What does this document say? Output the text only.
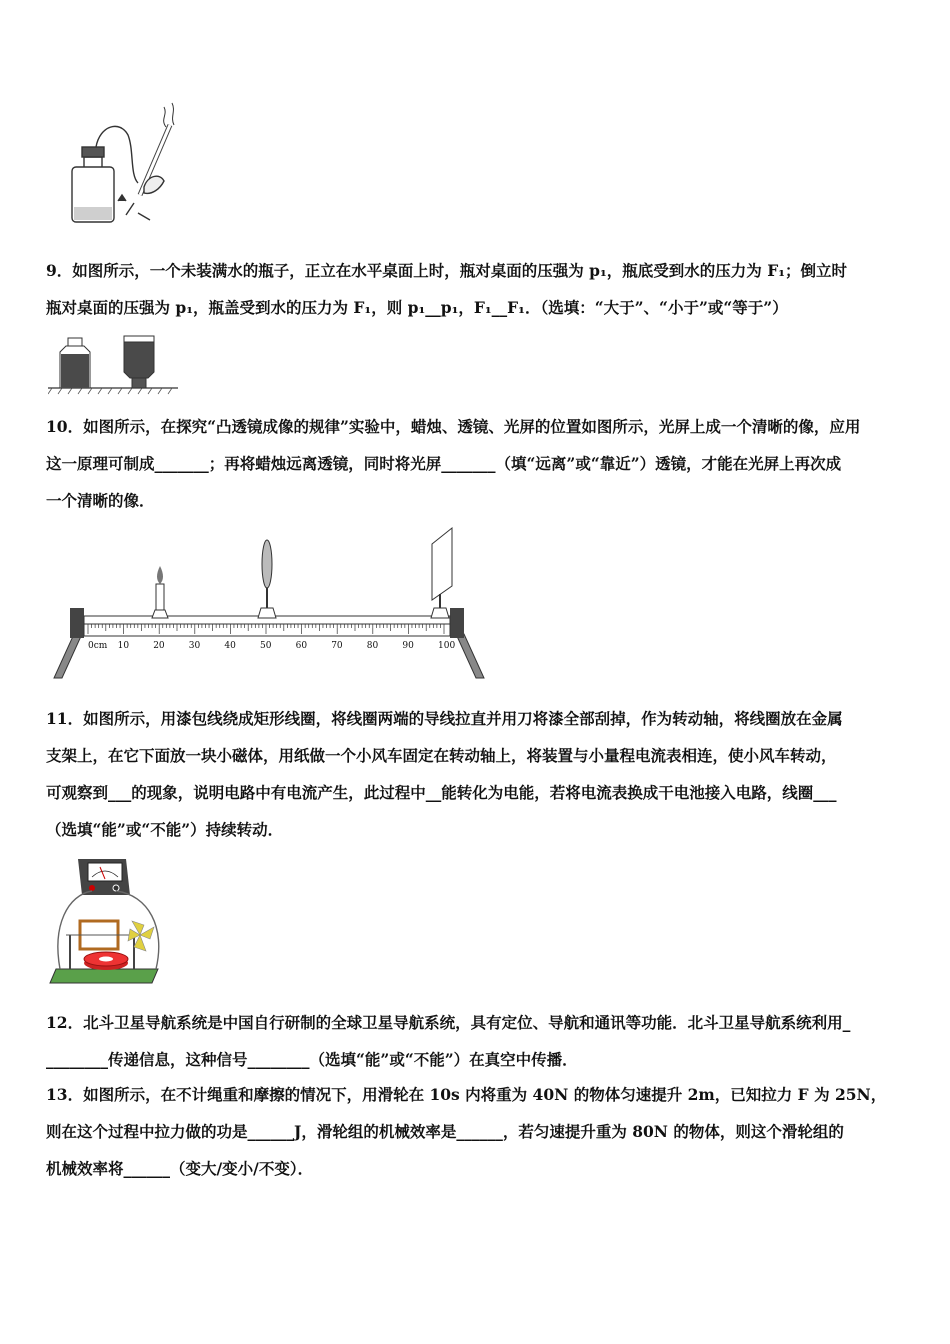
9．如图所示，一个未装满水的瓶子，正立在水平桌面上时，瓶对桌面的压强为 p₁，瓶底受到水的压力为 F₁；倒立时
瓶对桌面的压强为 p₁，瓶盖受到水的压力为 F₁，则 p₁__p₁，F₁__F₁．（选填：“大于”、“小于”或“等于”）
10．如图所示，在探究“凸透镜成像的规律”实验中，蜡烛、透镜、光屏的位置如图所示，光屏上成一个清晰的像，应用
这一原理可制成_______；再将蜡烛远离透镜，同时将光屏_______（填“远离”或“靠近”）透镜，才能在光屏上再次成
一个清晰的像．
0cm 10	20	30	40	50	60	70	80	90	100
11．如图所示，用漆包线绕成矩形线圈，将线圈两端的导线拉直并用刀将漆全部刮掉，作为转动轴，将线圈放在金属
支架上，在它下面放一块小磁体，用纸做一个小风车固定在转动轴上，将装置与小量程电流表相连，使小风车转动，
可观察到___的现象，说明电路中有电流产生，此过程中__能转化为电能，若将电流表换成干电池接入电路，线圈___
（选填“能”或“不能”）持续转动．
12．北斗卫星导航系统是中国自行研制的全球卫星导航系统，具有定位、导航和通讯等功能．北斗卫星导航系统利用_
________传递信息，这种信号________（选填“能”或“不能”）在真空中传播．
13．如图所示，在不计绳重和摩擦的情况下，用滑轮在 10s 内将重为 40N 的物体匀速提升 2m，已知拉力 F 为 25N，
则在这个过程中拉力做的功是______J，滑轮组的机械效率是______，若匀速提升重为 80N 的物体，则这个滑轮组的
机械效率将______（变大/变小/不变）．
